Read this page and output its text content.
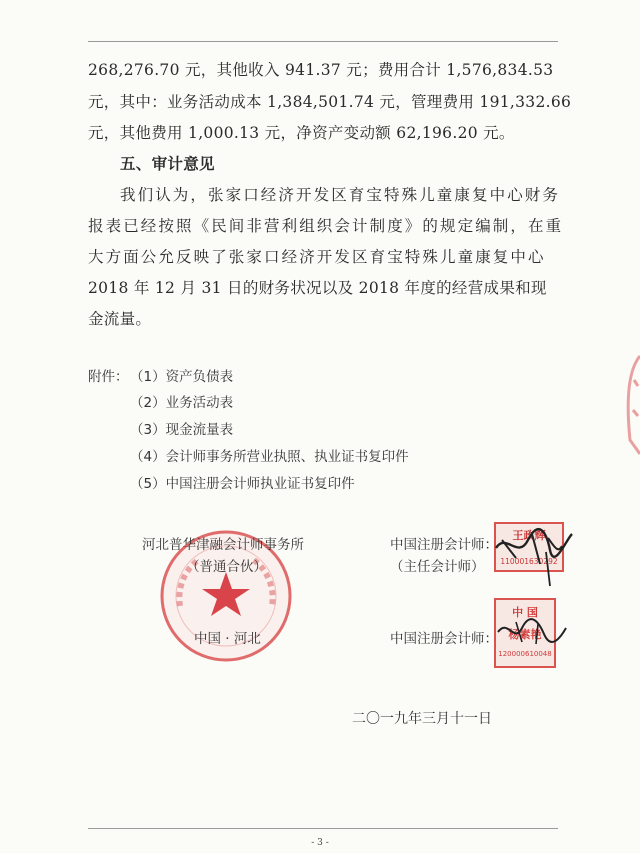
268,276.70 元，其他收入 941.37 元；费用合计 1,576,834.53
元，其中：业务活动成本 1,384,501.74 元，管理费用 191,332.66
元，其他费用 1,000.13 元，净资产变动额 62,196.20 元。
五、审计意见
我们认为，张家口经济开发区育宝特殊儿童康复中心财务
报表已经按照《民间非营利组织会计制度》的规定编制，在重
大方面公允反映了张家口经济开发区育宝特殊儿童康复中心
2018 年 12 月 31 日的财务状况以及 2018 年度的经营成果和现
金流量。
附件： （1）资产负债表
（2）业务活动表
（3）现金流量表
（4）会计师事务所营业执照、执业证书复印件
（5）中国注册会计师执业证书复印件
河北普华津融会计师事务所
（普通合伙）
中国 · 河北
中国注册会计师：
（主任会计师）
中国注册会计师：
王政辉
110001630292
中 国
杨素艳
120000610048
二〇一九年三月十一日
- 3 -
